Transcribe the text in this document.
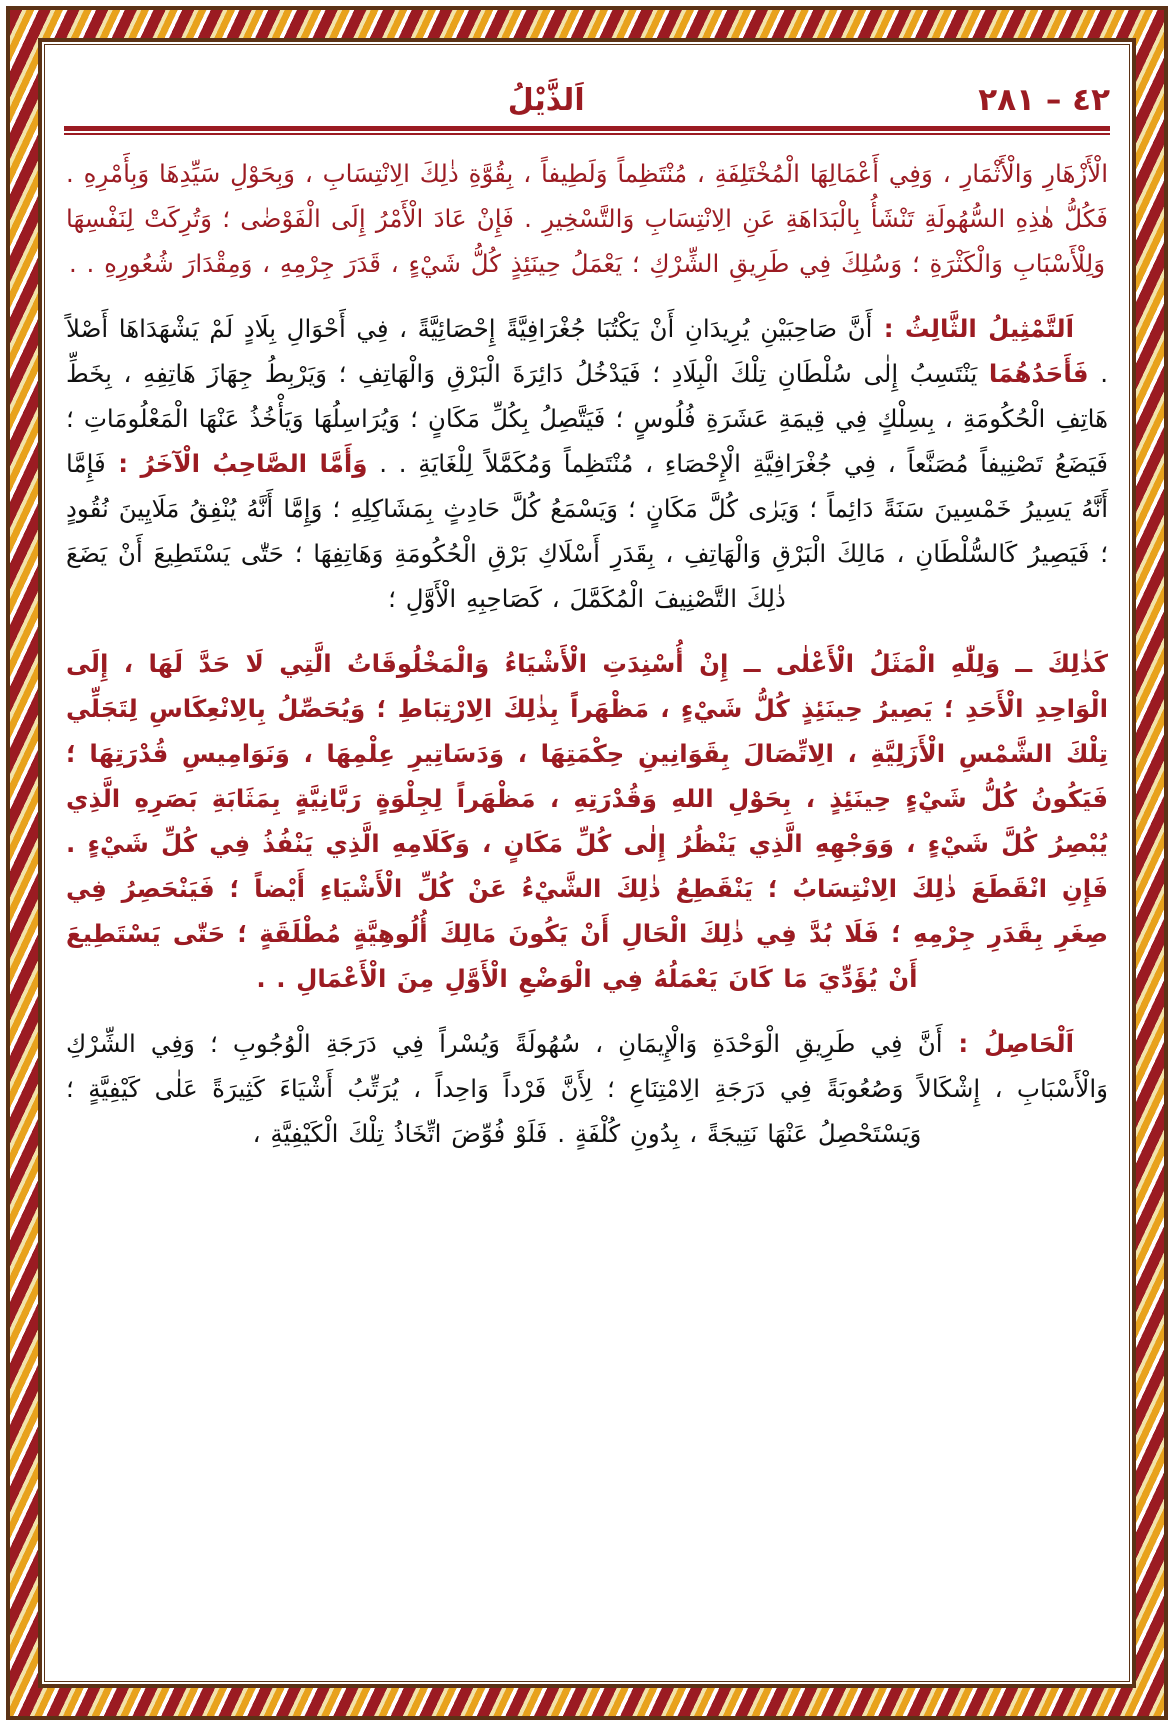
٤٢ – ٢٨١
اَلذَّيْلُ

الْأَزْهَارِ وَالْأَثْمَارِ ، وَفِي أَعْمَالِهَا الْمُخْتَلِفَةِ ، مُنْتَظِماً وَلَطِيفاً ، بِقُوَّةِ ذٰلِكَ الِانْتِسَابِ ، وَبِحَوْلِ سَيِّدِهَا وَبِأَمْرِهِ . فَكُلُّ هٰذِهِ السُّهُولَةِ تَنْشَأُ بِالْبَدَاهَةِ عَنِ الِانْتِسَابِ وَالتَّسْخِيرِ . فَإِنْ عَادَ الْأَمْرُ إِلَى الْفَوْضٰى ؛ وَتُرِكَتْ لِنَفْسِهَا وَلِلْأَسْبَابِ وَالْكَثْرَةِ ؛ وَسُلِكَ فِي طَرِيقِ الشِّرْكِ ؛ يَعْمَلُ حِينَئِذٍ كُلُّ شَيْءٍ ، قَدَرَ جِرْمِهِ ، وَمِقْدَارَ شُعُورِهِ . .

اَلتَّمْثِيلُ الثَّالِثُ : أَنَّ صَاحِبَيْنِ يُرِيدَانِ أَنْ يَكْتُبَا جُغْرَافِيَّةً إِحْصَائِيَّةً ، فِي أَحْوَالِ بِلَادٍ لَمْ يَشْهَدَاهَا أَصْلاً . فَأَحَدُهُمَا يَنْتَسِبُ إِلٰى سُلْطَانِ تِلْكَ الْبِلَادِ ؛ فَيَدْخُلُ دَائِرَةَ الْبَرْقِ وَالْهَاتِفِ ؛ وَيَرْبِطُ جِهَازَ هَاتِفِهِ ، بِخَطِّ هَاتِفِ الْحُكُومَةِ ، بِسِلْكٍ فِي قِيمَةِ عَشَرَةِ فُلُوسٍ ؛ فَيَتَّصِلُ بِكُلِّ مَكَانٍ ؛ وَيُرَاسِلُهَا وَيَأْخُذُ عَنْهَا الْمَعْلُومَاتِ ؛ فَيَضَعُ تَصْنِيفاً مُصَنَّعاً ، فِي جُغْرَافِيَّةِ الْإِحْصَاءِ ، مُنْتَظِماً وَمُكَمَّلاً لِلْغَايَةِ . . وَأَمَّا الصَّاحِبُ الْآخَرُ : فَإِمَّا أَنَّهُ يَسِيرُ خَمْسِينَ سَنَةً دَائِماً ؛ وَيَرٰى كُلَّ مَكَانٍ ؛ وَيَسْمَعُ كُلَّ حَادِثٍ بِمَشَاكِلِهِ ؛ وَإِمَّا أَنَّهُ يُنْفِقُ مَلَايِينَ نُقُودٍ ؛ فَيَصِيرُ كَالسُّلْطَانِ ، مَالِكَ الْبَرْقِ وَالْهَاتِفِ ، بِقَدَرِ أَسْلَاكِ بَرْقِ الْحُكُومَةِ وَهَاتِفِهَا ؛ حَتّٰى يَسْتَطِيعَ أَنْ يَضَعَ ذٰلِكَ التَّصْنِيفَ الْمُكَمَّلَ ، كَصَاحِبِهِ الْأَوَّلِ ؛

كَذٰلِكَ ــ وَلِلّٰهِ الْمَثَلُ الْأَعْلٰى ــ إِنْ أُسْنِدَتِ الْأَشْيَاءُ وَالْمَخْلُوقَاتُ الَّتِي لَا حَدَّ لَهَا ، إِلَى الْوَاحِدِ الْأَحَدِ ؛ يَصِيرُ حِينَئِذٍ كُلُّ شَيْءٍ ، مَظْهَراً بِذٰلِكَ الِارْتِبَاطِ ؛ وَيُحَصِّلُ بِالِانْعِكَاسِ لِتَجَلِّي تِلْكَ الشَّمْسِ الْأَزَلِيَّةِ ، الِاتِّصَالَ بِقَوَانِينِ حِكْمَتِهَا ، وَدَسَاتِيرِ عِلْمِهَا ، وَنَوَامِيسِ قُدْرَتِهَا ؛ فَيَكُونُ كُلُّ شَيْءٍ حِينَئِذٍ ، بِحَوْلِ اللهِ وَقُدْرَتِهِ ، مَظْهَراً لِجِلْوَةٍ رَبَّانِيَّةٍ بِمَثَابَةِ بَصَرِهِ الَّذِي يُبْصِرُ كُلَّ شَيْءٍ ، وَوَجْهِهِ الَّذِي يَنْظُرُ إِلٰى كُلِّ مَكَانٍ ، وَكَلَامِهِ الَّذِي يَنْفُذُ فِي كُلِّ شَيْءٍ . فَإِنِ انْقَطَعَ ذٰلِكَ الِانْتِسَابُ ؛ يَنْقَطِعُ ذٰلِكَ الشَّيْءُ عَنْ كُلِّ الْأَشْيَاءِ أَيْضاً ؛ فَيَنْحَصِرُ فِي صِغَرِ بِقَدَرِ جِرْمِهِ ؛ فَلَا بُدَّ فِي ذٰلِكَ الْحَالِ أَنْ يَكُونَ مَالِكَ أُلُوهِيَّةٍ مُطْلَقَةٍ ؛ حَتّٰى يَسْتَطِيعَ أَنْ يُؤَدِّيَ مَا كَانَ يَعْمَلُهُ فِي الْوَضْعِ الْأَوَّلِ مِنَ الْأَعْمَالِ . .

اَلْحَاصِلُ : أَنَّ فِي طَرِيقِ الْوَحْدَةِ وَالْإِيمَانِ ، سُهُولَةً وَيُسْراً فِي دَرَجَةِ الْوُجُوبِ ؛ وَفِي الشِّرْكِ وَالْأَسْبَابِ ، إِشْكَالاً وَصُعُوبَةً فِي دَرَجَةِ الِامْتِنَاعِ ؛ لِأَنَّ فَرْداً وَاحِداً ، يُرَتِّبُ أَشْيَاءَ كَثِيرَةً عَلٰى كَيْفِيَّةٍ ؛ وَيَسْتَحْصِلُ عَنْهَا نَتِيجَةً ، بِدُونِ كُلْفَةٍ . فَلَوْ فُوِّضَ اتِّخَاذُ تِلْكَ الْكَيْفِيَّةِ ،
